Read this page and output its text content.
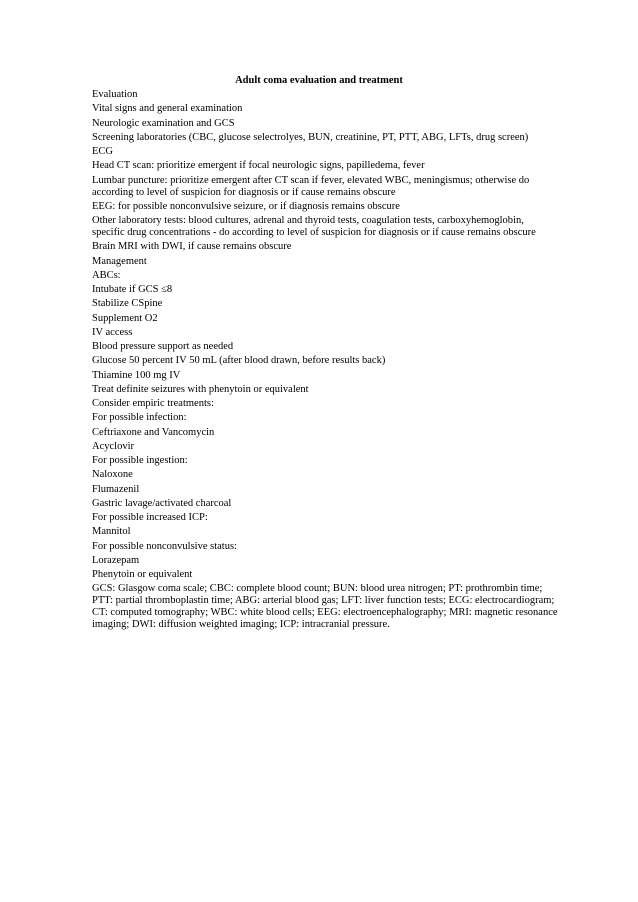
Adult coma evaluation and treatment
Evaluation
Vital signs and general examination
Neurologic examination and GCS
Screening laboratories (CBC, glucose selectrolyes, BUN, creatinine, PT, PTT, ABG, LFTs, drug screen)
ECG
Head CT scan: prioritize emergent if focal neurologic signs, papilledema, fever
Lumbar puncture: prioritize emergent after CT scan if fever, elevated WBC, meningismus; otherwise do according to level of suspicion for diagnosis or if cause remains obscure
EEG: for possible nonconvulsive seizure, or if diagnosis remains obscure
Other laboratory tests: blood cultures, adrenal and thyroid tests, coagulation tests, carboxyhemoglobin, specific drug concentrations - do according to level of suspicion for diagnosis or if cause remains obscure
Brain MRI with DWI, if cause remains obscure
Management
ABCs:
Intubate if GCS ≤8
Stabilize CSpine
Supplement O2
IV access
Blood pressure support as needed
Glucose 50 percent IV 50 mL (after blood drawn, before results back)
Thiamine 100 mg IV
Treat definite seizures with phenytoin or equivalent
Consider empiric treatments:
For possible infection:
Ceftriaxone and Vancomycin
Acyclovir
For possible ingestion:
Naloxone
Flumazenil
Gastric lavage/activated charcoal
For possible increased ICP:
Mannitol
For possible nonconvulsive status:
Lorazepam
Phenytoin or equivalent
GCS: Glasgow coma scale; CBC: complete blood count; BUN: blood urea nitrogen; PT: prothrombin time; PTT: partial thromboplastin time; ABG: arterial blood gas; LFT: liver function tests; ECG: electrocardiogram; CT: computed tomography; WBC: white blood cells; EEG: electroencephalography; MRI: magnetic resonance imaging; DWI: diffusion weighted imaging; ICP: intracranial pressure.
